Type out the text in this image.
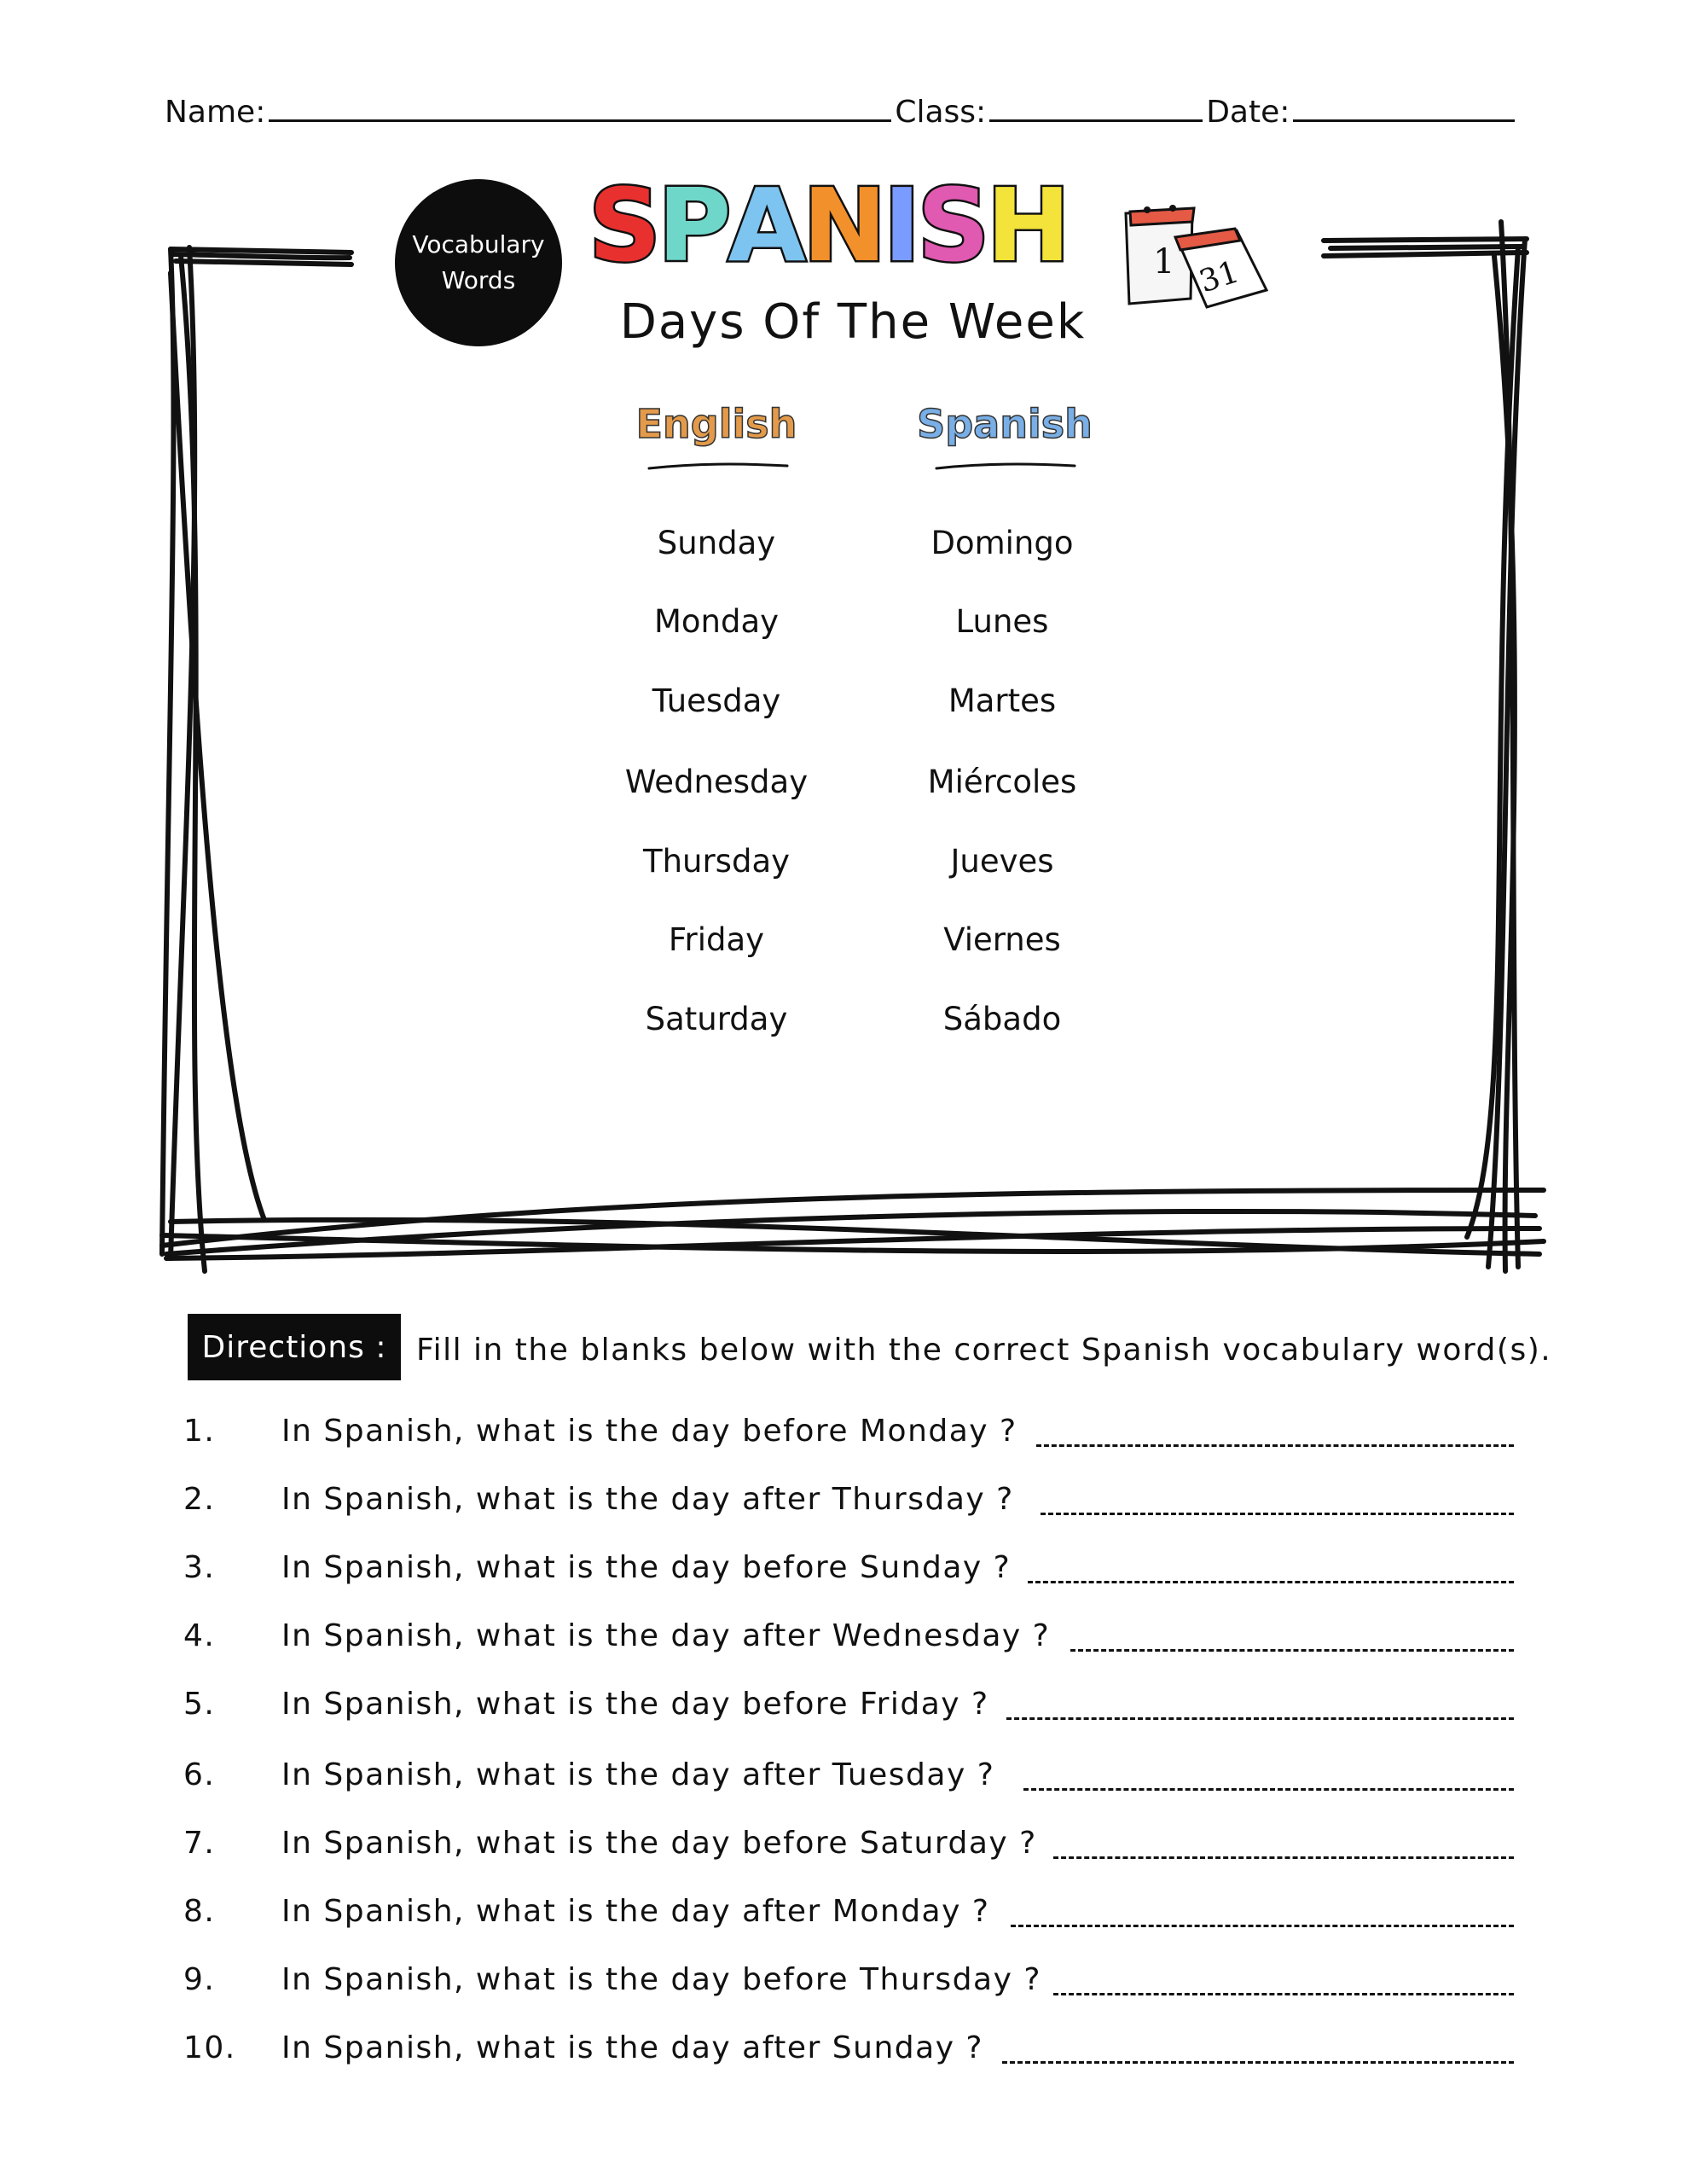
Name:	Class:	Date:
Vocabulary
Words SPANISH	1 31
Days Of The Week
English	Spanish
Sunday	Domingo
Monday	Lunes
Tuesday	Martes
Wednesday	Miércoles
Thursday	Jueves
Friday	Viernes
Saturday	Sábado
Directions : Fill in the blanks below with the correct Spanish vocabulary word(s).
1. In Spanish, what is the day before Monday ?
2. In Spanish, what is the day after Thursday ?
3. In Spanish, what is the day before Sunday ?
4. In Spanish, what is the day after Wednesday ?
5. In Spanish, what is the day before Friday ?
6. In Spanish, what is the day after Tuesday ?
7. In Spanish, what is the day before Saturday ?
8. In Spanish, what is the day after Monday ?
9. In Spanish, what is the day before Thursday ?
10. In Spanish, what is the day after Sunday ?
